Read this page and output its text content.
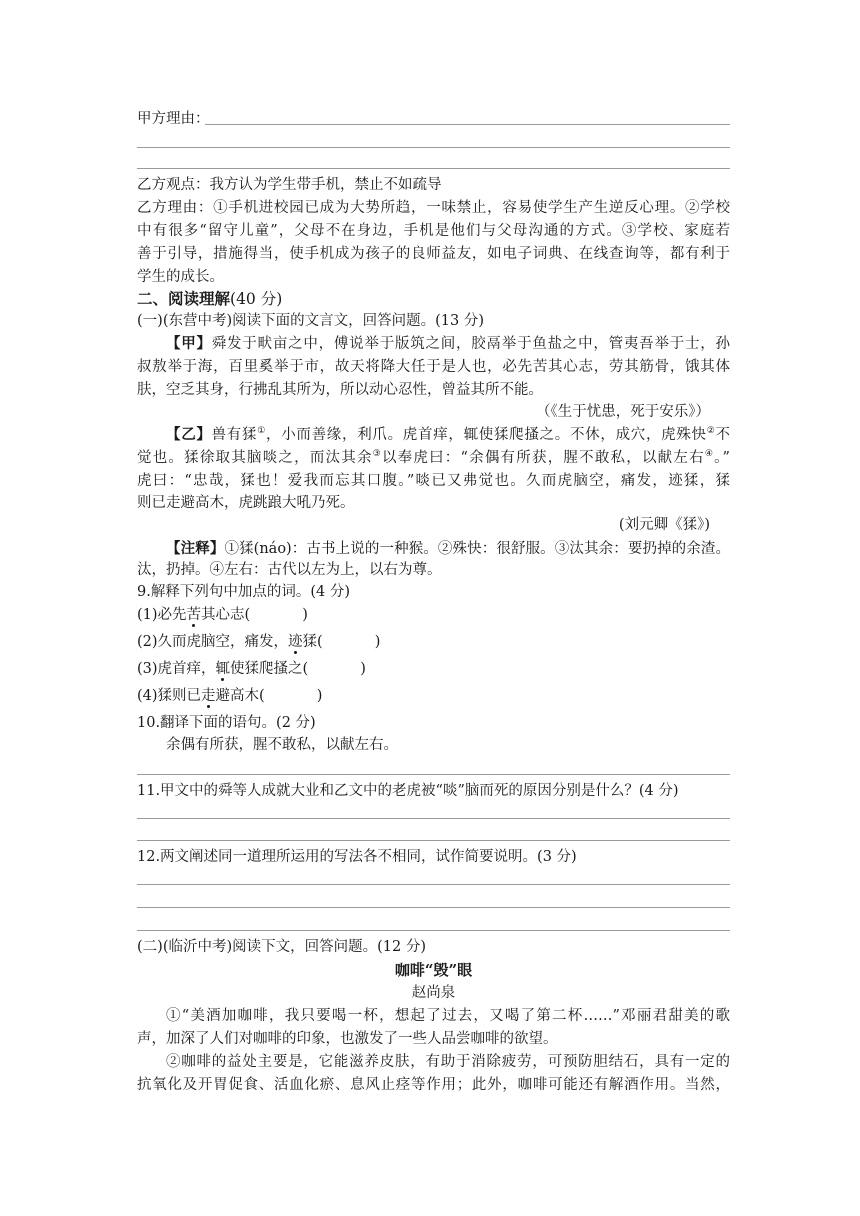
甲方理由：
乙方观点：我方认为学生带手机，禁止不如疏导
乙方理由：①手机进校园已成为大势所趋，一味禁止，容易使学生产生逆反心理。②学校
中有很多“留守儿童”，父母不在身边，手机是他们与父母沟通的方式。③学校、家庭若
善于引导，措施得当，使手机成为孩子的良师益友，如电子词典、在线查询等，都有利于
学生的成长。
二、阅读理解(40 分)
(一)(东营中考)阅读下面的文言文，回答问题。(13 分)
【甲】舜发于畎亩之中，傅说举于版筑之间，胶鬲举于鱼盐之中，管夷吾举于士，孙
叔敖举于海，百里奚举于市，故天将降大任于是人也，必先苦其心志，劳其筋骨，饿其体
肤，空乏其身，行拂乱其所为，所以动心忍性，曾益其所不能。
（《生于忧患，死于安乐》）
【乙】兽有猱①，小而善缘，利爪。虎首痒，辄使猱爬搔之。不休，成穴，虎殊快②不
觉也。猱徐取其脑啖之，而汰其余③以奉虎曰：“余偶有所获，腥不敢私，以献左右④。”
虎曰：“忠哉，猱也！爱我而忘其口腹。”啖已又弗觉也。久而虎脑空，痛发，迹猱，猱
则已走避高木，虎跳踉大吼乃死。
(刘元卿《猱》)
【注释】①猱(náo)：古书上说的一种猴。②殊快：很舒服。③汰其余：要扔掉的余渣。
汰，扔掉。④左右：古代以左为上，以右为尊。
9.解释下列句中加点的词。(4 分)
(1)必先苦其心志(	)
(2)久而虎脑空，痛发，迹猱(	)
(3)虎首痒，辄使猱爬搔之(	)
(4)猱则已走避高木(	)
10.翻译下面的语句。(2 分)
余偶有所获，腥不敢私，以献左右。
11.甲文中的舜等人成就大业和乙文中的老虎被“啖”脑而死的原因分别是什么？(4 分)
12.两文阐述同一道理所运用的写法各不相同，试作简要说明。(3 分)
(二)(临沂中考)阅读下文，回答问题。(12 分)
咖啡“毁”眼
赵尚泉
①“美酒加咖啡，我只要喝一杯，想起了过去，又喝了第二杯……”邓丽君甜美的歌
声，加深了人们对咖啡的印象，也激发了一些人品尝咖啡的欲望。
②咖啡的益处主要是，它能滋养皮肤，有助于消除疲劳，可预防胆结石，具有一定的
抗氧化及开胃促食、活血化瘀、息风止痉等作用；此外，咖啡可能还有解酒作用。当然，
